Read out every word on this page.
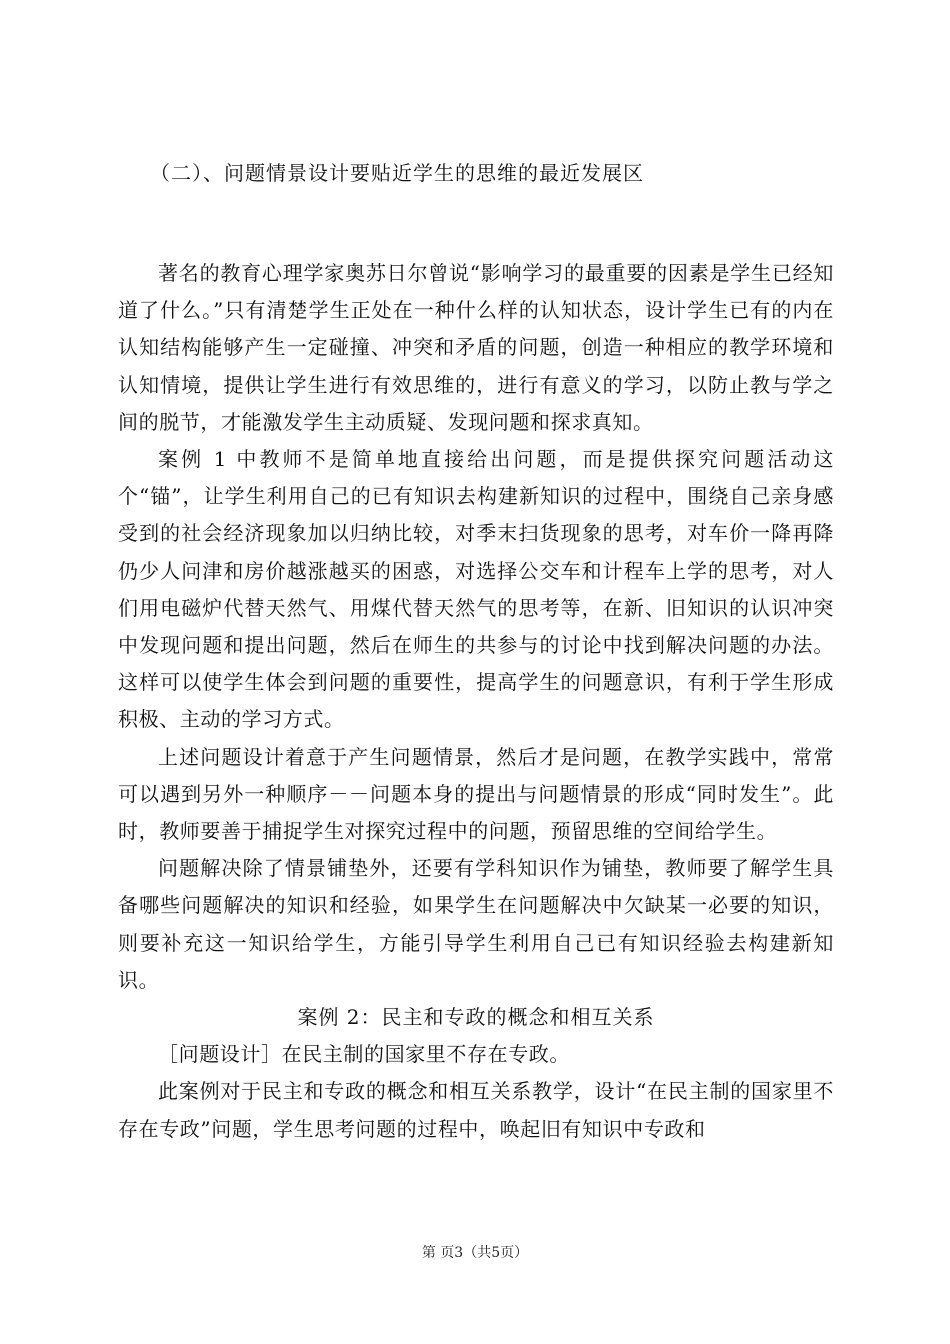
（二）、问题情景设计要贴近学生的思维的最近发展区

著名的教育心理学家奥苏日尔曾说“影响学习的最重要的因素是学生已经知道了什么。”只有清楚学生正处在一种什么样的认知状态，设计学生已有的内在认知结构能够产生一定碰撞、冲突和矛盾的问题，创造一种相应的教学环境和认知情境，提供让学生进行有效思维的，进行有意义的学习，以防止教与学之间的脱节，才能激发学生主动质疑、发现问题和探求真知。

案例 1 中教师不是简单地直接给出问题，而是提供探究问题活动这个“锚”，让学生利用自己的已有知识去构建新知识的过程中，围绕自己亲身感受到的社会经济现象加以归纳比较，对季末扫货现象的思考，对车价一降再降仍少人问津和房价越涨越买的困惑，对选择公交车和计程车上学的思考，对人们用电磁炉代替天然气、用煤代替天然气的思考等，在新、旧知识的认识冲突中发现问题和提出问题，然后在师生的共参与的讨论中找到解决问题的办法。这样可以使学生体会到问题的重要性，提高学生的问题意识，有利于学生形成积极、主动的学习方式。

上述问题设计着意于产生问题情景，然后才是问题，在教学实践中，常常可以遇到另外一种顺序－－问题本身的提出与问题情景的形成“同时发生”。此时，教师要善于捕捉学生对探究过程中的问题，预留思维的空间给学生。

问题解决除了情景铺垫外，还要有学科知识作为铺垫，教师要了解学生具备哪些问题解决的知识和经验，如果学生在问题解决中欠缺某一必要的知识，则要补充这一知识给学生，方能引导学生利用自己已有知识经验去构建新知识。

案例 2：民主和专政的概念和相互关系

［问题设计］在民主制的国家里不存在专政。

此案例对于民主和专政的概念和相互关系教学，设计“在民主制的国家里不存在专政”问题，学生思考问题的过程中，唤起旧有知识中专政和

第 页3（共5页）
